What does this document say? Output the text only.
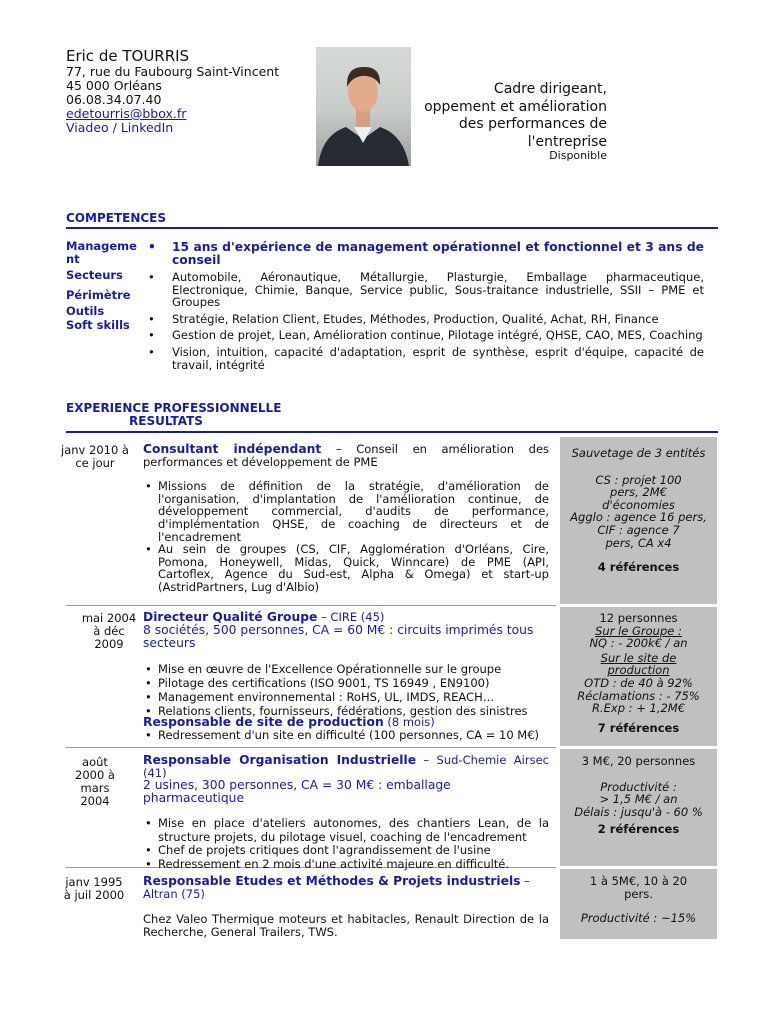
Eric de TOURRIS
77, rue du Faubourg Saint-Vincent
45 000 Orléans
06.08.34.07.40
edetourris@bbox.fr
Viadeo / LinkedIn
Cadre dirigeant,
oppement et amélioration
des performances de
l'entreprise
Disponible
COMPETENCES
Manageme nt
Secteurs
Périmètre
Outils
Soft skills
• 15 ans d'expérience de management opérationnel et fonctionnel et 3 ans de conseil
• Automobile, Aéronautique, Métallurgie, Plasturgie, Emballage pharmaceutique, Electronique, Chimie, Banque, Service public, Sous-traitance industrielle, SSII – PME et Groupes
• Stratégie, Relation Client, Etudes, Méthodes, Production, Qualité, Achat, RH, Finance
• Gestion de projet, Lean, Amélioration continue, Pilotage intégré, QHSE, CAO, MES, Coaching
• Vision, intuition, capacité d'adaptation, esprit de synthèse, esprit d'équipe, capacité de travail, intégrité
EXPERIENCE PROFESSIONNELLE
RESULTATS
janv 2010 à ce jour
Consultant indépendant – Conseil en amélioration des performances et développement de PME
• Missions de définition de la stratégie, d'amélioration de l'organisation, d'implantation de l'amélioration continue, de développement commercial, d'audits de performance, d'implémentation QHSE, de coaching de directeurs et de l'encadrement
• Au sein de groupes (CS, CIF, Agglomération d'Orléans, Cire, Pomona, Honeywell, Midas, Quick, Winncare) de PME (API, Cartoflex, Agence du Sud-est, Alpha & Omega) et start-up (AstridPartners, Lug d'Albio)
Sauvetage de 3 entités
CS : projet 100 pers, 2M€ d'économies
Agglo : agence 16 pers,
CIF : agence 7 pers, CA x4
4 références
mai 2004 à déc 2009
Directeur Qualité Groupe – CIRE (45)
8 sociétés, 500 personnes, CA = 60 M€ : circuits imprimés tous secteurs
• Mise en œuvre de l'Excellence Opérationnelle sur le groupe
• Pilotage des certifications (ISO 9001, TS 16949 , EN9100)
• Management environnemental : RoHS, UL, IMDS, REACH…
• Relations clients, fournisseurs, fédérations, gestion des sinistres
Responsable de site de production (8 mois)
• Redressement d'un site en difficulté (100 personnes, CA = 10 M€)
12 personnes
Sur le Groupe :
NQ : - 200k€ / an
Sur le site de production
OTD : de 40 à 92%
Réclamations : - 75%
R.Exp : + 1,2M€
7 références
août 2000 à mars 2004
Responsable Organisation Industrielle – Sud-Chemie Airsec (41)
2 usines, 300 personnes, CA = 30 M€ : emballage pharmaceutique
• Mise en place d'ateliers autonomes, des chantiers Lean, de la structure projets, du pilotage visuel, coaching de l'encadrement
• Chef de projets critiques dont l'agrandissement de l'usine
• Redressement en 2 mois d'une activité majeure en difficulté.
3 M€, 20 personnes
Productivité :
> 1,5 M€ / an
Délais : jusqu'à - 60 %
2 références
janv 1995 à juil 2000
Responsable Etudes et Méthodes & Projets industriels – Altran (75)
Chez Valeo Thermique moteurs et habitacles, Renault Direction de la Recherche, General Trailers, TWS.
1 à 5M€, 10 à 20 pers.
Productivité : ~15%
